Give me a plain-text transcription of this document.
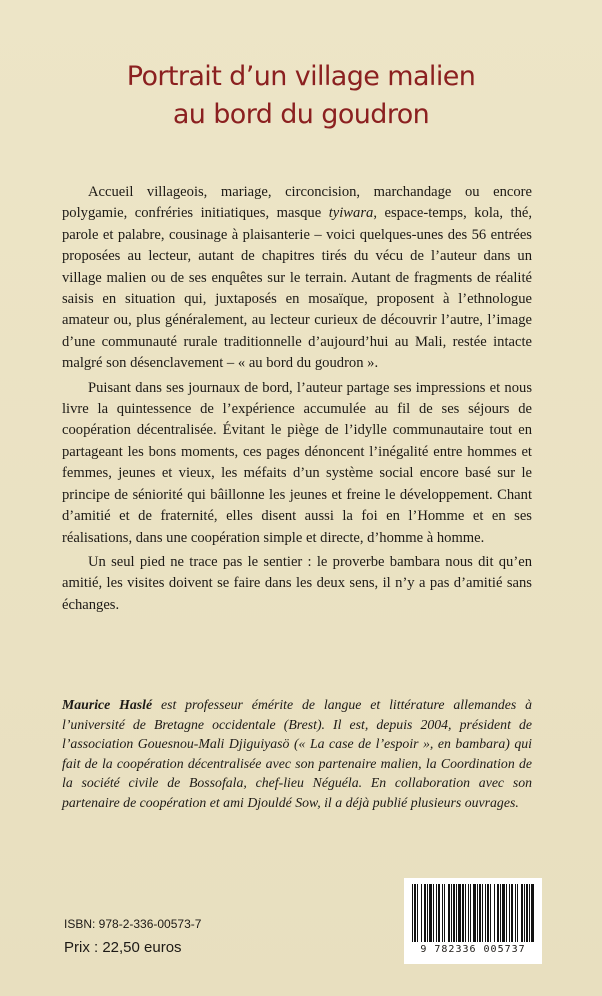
Portrait d’un village malien
au bord du goudron

Accueil villageois, mariage, circoncision, marchandage ou encore polygamie, confréries initiatiques, masque tyiwara, espace-temps, kola, thé, parole et palabre, cousinage à plaisanterie – voici quelques-unes des 56 entrées proposées au lecteur, autant de chapitres tirés du vécu de l’auteur dans un village malien ou de ses enquêtes sur le terrain. Autant de fragments de réalité saisis en situation qui, juxtaposés en mosaïque, proposent à l’ethnologue amateur ou, plus généralement, au lecteur curieux de découvrir l’autre, l’image d’une communauté rurale traditionnelle d’aujourd’hui au Mali, restée intacte malgré son désenclavement – « au bord du goudron ».

Puisant dans ses journaux de bord, l’auteur partage ses impressions et nous livre la quintessence de l’expérience accumulée au fil de ses séjours de coopération décentralisée. Évitant le piège de l’idylle communautaire tout en partageant les bons moments, ces pages dénoncent l’inégalité entre hommes et femmes, jeunes et vieux, les méfaits d’un système social encore basé sur le principe de séniorité qui bâillonne les jeunes et freine le développement. Chant d’amitié et de fraternité, elles disent aussi la foi en l’Homme et en ses réalisations, dans une coopération simple et directe, d’homme à homme.

Un seul pied ne trace pas le sentier : le proverbe bambara nous dit qu’en amitié, les visites doivent se faire dans les deux sens, il n’y a pas d’amitié sans échanges.

Maurice Haslé est professeur émérite de langue et littérature allemandes à l’université de Bretagne occidentale (Brest). Il est, depuis 2004, président de l’association Gouesnou-Mali Djiguiyasö (« La case de l’espoir », en bambara) qui fait de la coopération décentralisée avec son partenaire malien, la Coordination de la société civile de Bossofala, chef-lieu Néguéla. En collaboration avec son partenaire de coopération et ami Djouldé Sow, il a déjà publié plusieurs ouvrages.
ISBN: 978-2-336-00573-7
Prix : 22,50 euros	9 782336 005737
